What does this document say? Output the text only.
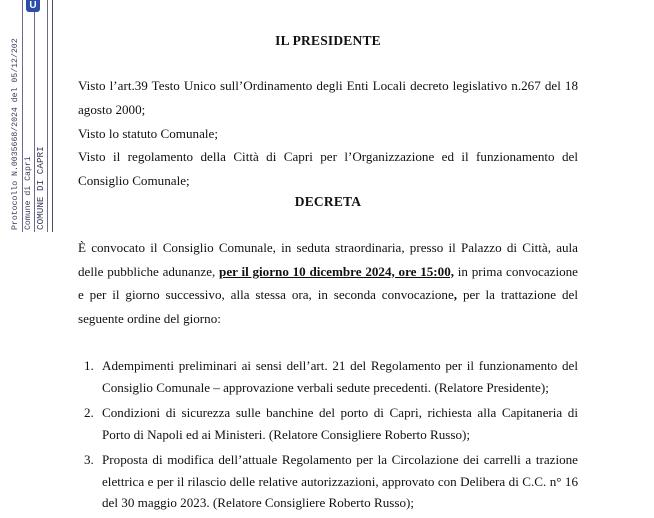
Protocollo N.0035668/2024 del 05/12/202 Comune di Capri COMUNE DI CAPRI
U
IL PRESIDENTE

Visto l’art.39 Testo Unico sull’Ordinamento degli Enti Locali decreto legislativo n.267 del 18 agosto 2000;

Visto lo statuto Comunale;

Visto il regolamento della Città di Capri per l’Organizzazione ed il funzionamento del Consiglio Comunale;

DECRETA

È convocato il Consiglio Comunale, in seduta straordinaria, presso il Palazzo di Città, aula delle pubbliche adunanze, per il giorno 10 dicembre 2024, ore 15:00, in prima convocazione e per il giorno successivo, alla stessa ora, in seconda convocazione, per la trattazione del seguente ordine del giorno:

1. Adempimenti preliminari ai sensi dell’art. 21 del Regolamento per il funzionamento del Consiglio Comunale – approvazione verbali sedute precedenti. (Relatore Presidente);
2. Condizioni di sicurezza sulle banchine del porto di Capri, richiesta alla Capitaneria di Porto di Napoli ed ai Ministeri. (Relatore Consigliere Roberto Russo);
3. Proposta di modifica dell’attuale Regolamento per la Circolazione dei carrelli a trazione elettrica e per il rilascio delle relative autorizzazioni, approvato con Delibera di C.C. n° 16 del 30 maggio 2023. (Relatore Consigliere Roberto Russo);
